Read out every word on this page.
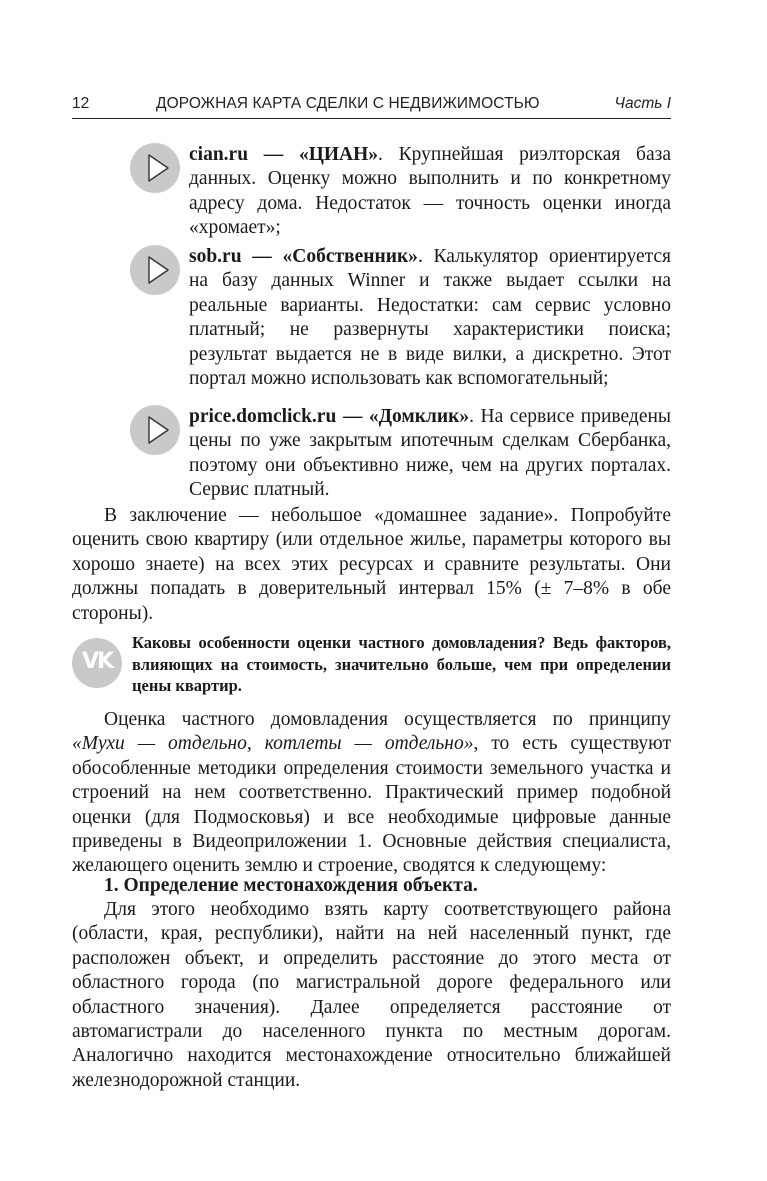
12	ДОРОЖНАЯ КАРТА СДЕЛКИ С НЕДВИЖИМОСТЬЮ	Часть I
cian.ru — «ЦИАН». Крупнейшая риэлторская база данных. Оценку можно выполнить и по конкретному адресу дома. Недостаток — точность оценки иногда «хромает»;
sob.ru — «Собственник». Калькулятор ориентируется на базу данных Winner и также выдает ссылки на реальные варианты. Недостатки: сам сервис условно платный; не развернуты характеристики поиска; результат выдается не в виде вилки, а дискретно. Этот портал можно использовать как вспомогательный;
price.domclick.ru — «Домклик». На сервисе приведены цены по уже закрытым ипотечным сделкам Сбербанка, поэтому они объективно ниже, чем на других порталах. Сервис платный.
В заключение — небольшое «домашнее задание». Попробуйте оценить свою квартиру (или отдельное жилье, параметры которого вы хорошо знаете) на всех этих ресурсах и сравните результаты. Они должны попадать в доверительный интервал 15% (± 7–8% в обе стороны).
VK
Каковы особенности оценки частного домовладения? Ведь факторов, влияющих на стоимость, значительно больше, чем при определении цены квартир.
Оценка частного домовладения осуществляется по принципу «Мухи — отдельно, котлеты — отдельно», то есть существуют обособленные методики определения стоимости земельного участка и строений на нем соответственно. Практический пример подобной оценки (для Подмосковья) и все необходимые цифровые данные приведены в Видеоприложении 1. Основные действия специалиста, желающего оценить землю и строение, сводятся к следующему:
1. Определение местонахождения объекта.
Для этого необходимо взять карту соответствующего района (области, края, республики), найти на ней населенный пункт, где расположен объект, и определить расстояние до этого места от областного города (по магистральной дороге федерального или областного значения). Далее определяется расстояние от автомагистрали до населенного пункта по местным дорогам. Аналогично находится местонахождение относительно ближайшей железнодорожной станции.
